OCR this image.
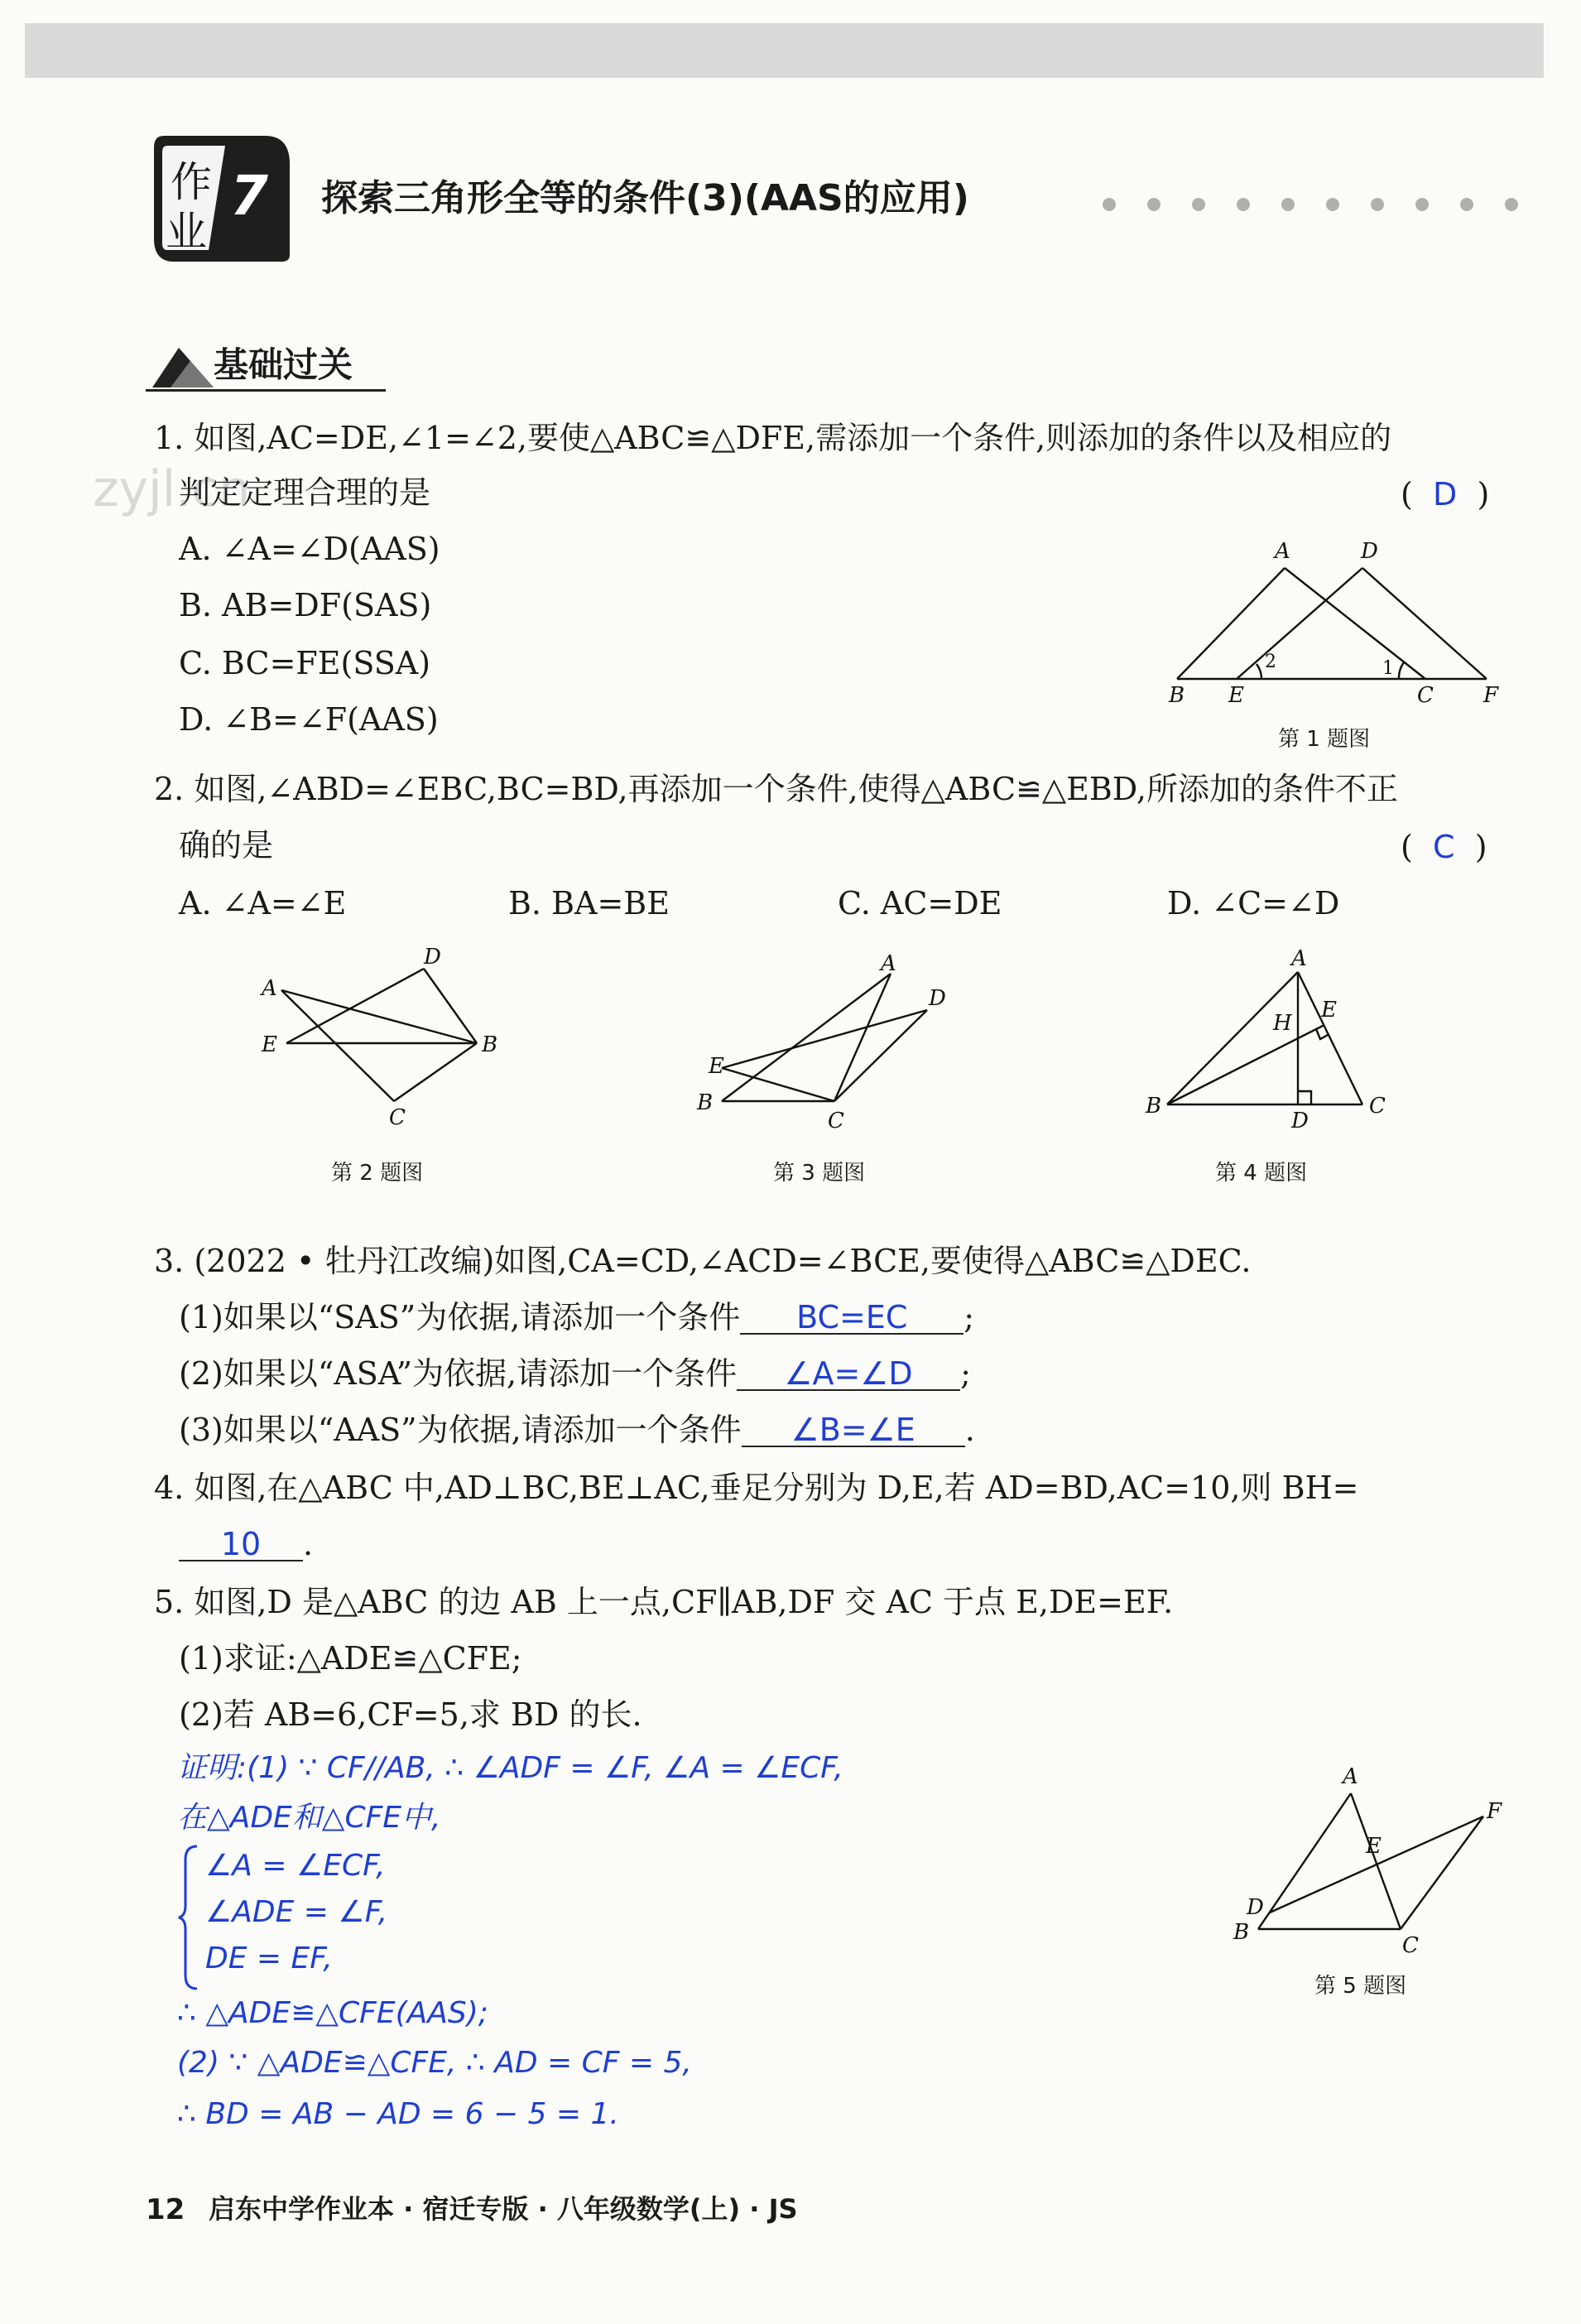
作
业
7 探索三角形全等的条件(3)(AAS的应用)
基础过关
zyjl.cn
1. 如图,AC=DE,∠1=∠2,要使△ABC≌△DFE,需添加一个条件,则添加的条件以及相应的
判定定理合理的是	( D )
A. ∠A=∠D(AAS)
B. AB=DF(SAS)
C. BC=FE(SSA)
D. ∠B=∠F(AAS)
A	D
B E	C F
1
2
第 1 题图
2. 如图,∠ABD=∠EBC,BC=BD,再添加一个条件,使得△ABC≌△EBD,所添加的条件不正
确的是	( C )
A. ∠A=∠E	B. BA=BE	C. AC=DE	D. ∠C=∠D
A
D
E	B
C
第 2 题图
A
D
E
B
C
第 3 题图
A
H
E
B
D
C
第 4 题图
3. (2022 • 牡丹江改编)如图,CA=CD,∠ACD=∠BCE,要使得△ABC≌△DEC.
(1)如果以“SAS”为依据,请添加一个条件 BC=EC ;
(2)如果以“ASA”为依据,请添加一个条件 ∠A=∠D ;
(3)如果以“AAS”为依据,请添加一个条件 ∠B=∠E .
4. 如图,在△ABC 中,AD⊥BC,BE⊥AC,垂足分别为 D,E,若 AD=BD,AC=10,则 BH=
10 .
5. 如图,D 是△ABC 的边 AB 上一点,CF∥AB,DF 交 AC 于点 E,DE=EF.
(1)求证:△ADE≌△CFE;
(2)若 AB=6,CF=5,求 BD 的长.
证明:(1) ∵ CF//AB, ∴ ∠ADF = ∠F, ∠A = ∠ECF,
在△ADE和△CFE中,
∠A = ∠ECF,
∠ADE = ∠F,
DE = EF,
∴ △ADE≌△CFE(AAS);
(2) ∵ △ADE≌△CFE, ∴ AD = CF = 5,
∴ BD = AB − AD = 6 − 5 = 1.
A
F
E
D
B
C
第 5 题图
12 启东中学作业本 · 宿迁专版 · 八年级数学(上) · JS
